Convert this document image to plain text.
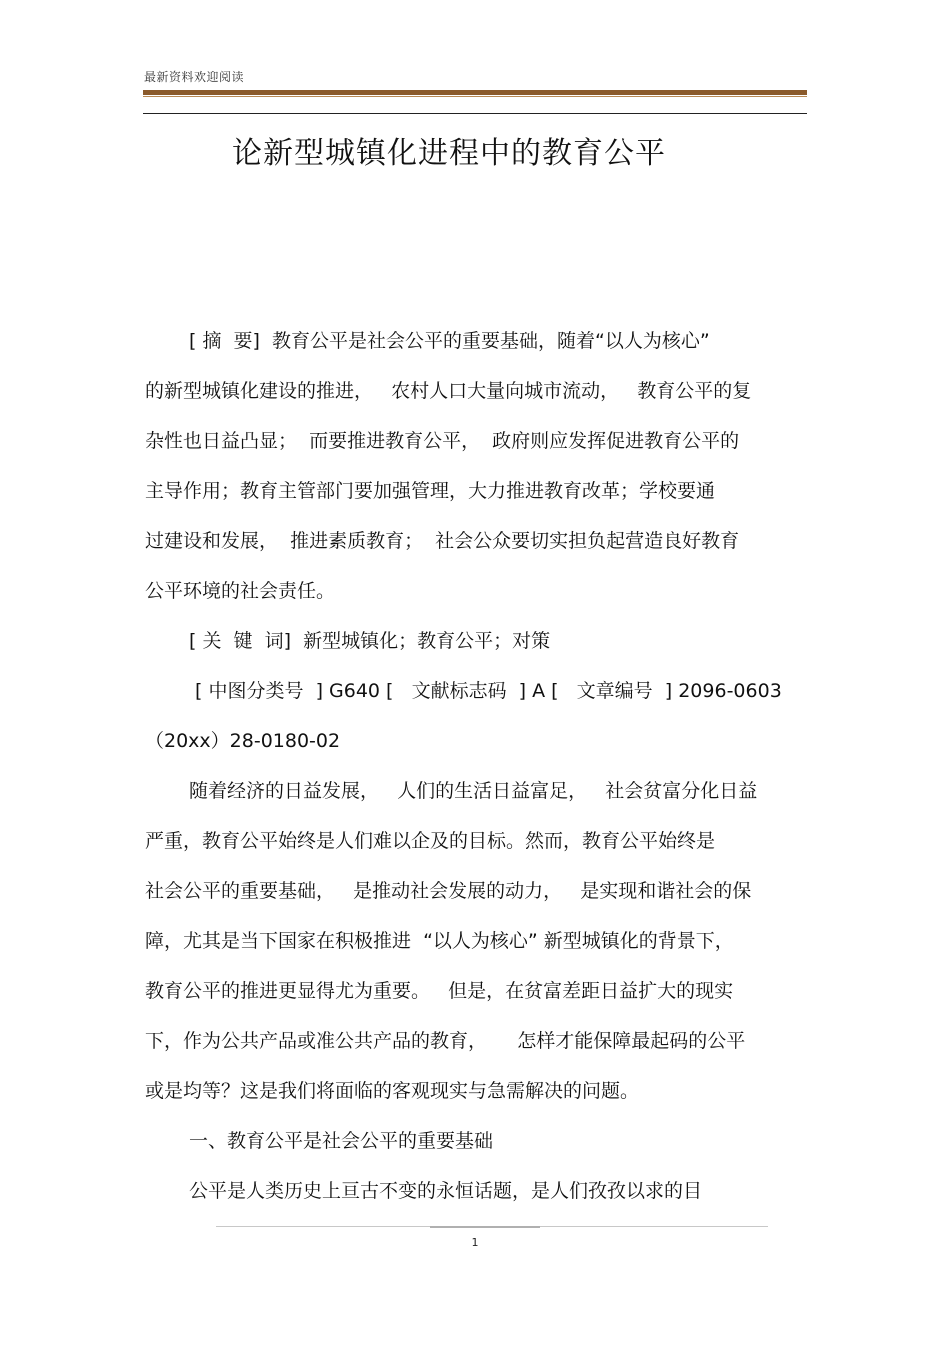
最新资料欢迎阅读
论新型城镇化进程中的教育公平
[ 摘  要]  教育公平是社会公平的重要基础，随着“以人为核心”
的新型城镇化建设的推进，   农村人口大量向城市流动，   教育公平的复
杂性也日益凸显；  而要推进教育公平，  政府则应发挥促进教育公平的
主导作用；教育主管部门要加强管理，大力推进教育改革；学校要通
过建设和发展，  推进素质教育；  社会公众要切实担负起营造良好教育
公平环境的社会责任。
[ 关  键  词]  新型城镇化；教育公平；对策
[ 中图分类号  ] G640 [   文献标志码  ] A [   文章编号  ] 2096-0603
（20xx）28-0180-02
随着经济的日益发展，   人们的生活日益富足，   社会贫富分化日益
严重，教育公平始终是人们难以企及的目标。然而，教育公平始终是
社会公平的重要基础，   是推动社会发展的动力，   是实现和谐社会的保
障，尤其是当下国家在积极推进  “以人为核心” 新型城镇化的背景下，
教育公平的推进更显得尤为重要。   但是，在贫富差距日益扩大的现实
下，作为公共产品或准公共产品的教育，     怎样才能保障最起码的公平
或是均等？这是我们将面临的客观现实与急需解决的问题。
一、教育公平是社会公平的重要基础
公平是人类历史上亘古不变的永恒话题，是人们孜孜以求的目
1
